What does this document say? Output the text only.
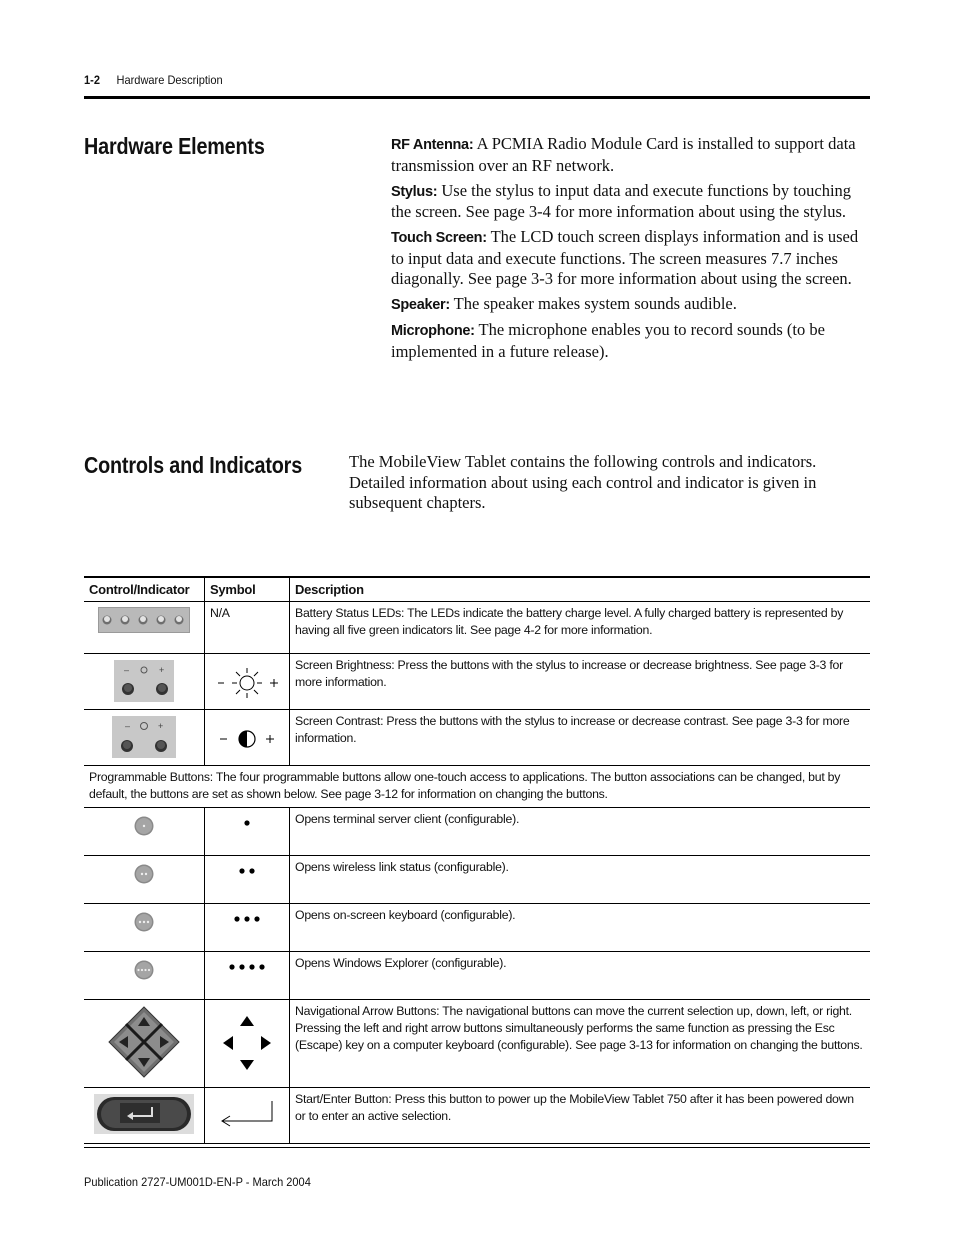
1-2 Hardware Description
Hardware Elements	RF Antenna: A PCMIA Radio Module Card is installed to support data transmission over an RF network.

Stylus: Use the stylus to input data and execute functions by touching the screen. See page 3-4 for more information about using the stylus.

Touch Screen: The LCD touch screen displays information and is used to input data and execute functions. The screen measures 7.7 inches diagonally. See page 3-3 for more information about using the screen.

Speaker: The speaker makes system sounds audible.

Microphone: The microphone enables you to record sounds (to be implemented in a future release).

Controls and Indicators	The MobileView Tablet contains the following controls and indicators. Detailed information about using each control and indicator is given in subsequent chapters.

Control/Indicator	Symbol	Description

	N/A	Battery Status LEDs: The LEDs indicate the battery charge level. A fully charged battery is represented by having all five green indicators lit. See page 4-2 for more information.

– +		Screen Brightness: Press the buttons with the stylus to increase or decrease brightness. See page 3-3 for more information.

– +		Screen Contrast: Press the buttons with the stylus to increase or decrease contrast. See page 3-3 for more information.
Programmable Buttons: The four programmable buttons allow one-touch access to applications. The button associations can be changed, but by default, the buttons are set as shown below. See page 3-12 for information on changing the buttons.		

		Opens terminal server client (configurable).

		Opens wireless link status (configurable).

		Opens on-screen keyboard (configurable).

		Opens Windows Explorer (configurable).

		Navigational Arrow Buttons: The navigational buttons can move the current selection up, down, left, or right. Pressing the left and right arrow buttons simultaneously performs the same function as pressing the Esc (Escape) key on a computer keyboard (configurable). See page 3-13 for information on changing the buttons.

		Start/Enter Button: Press this button to power up the MobileView Tablet 750 after it has been powered down or to enter an active selection.
Publication 2727-UM001D-EN-P - March 2004
